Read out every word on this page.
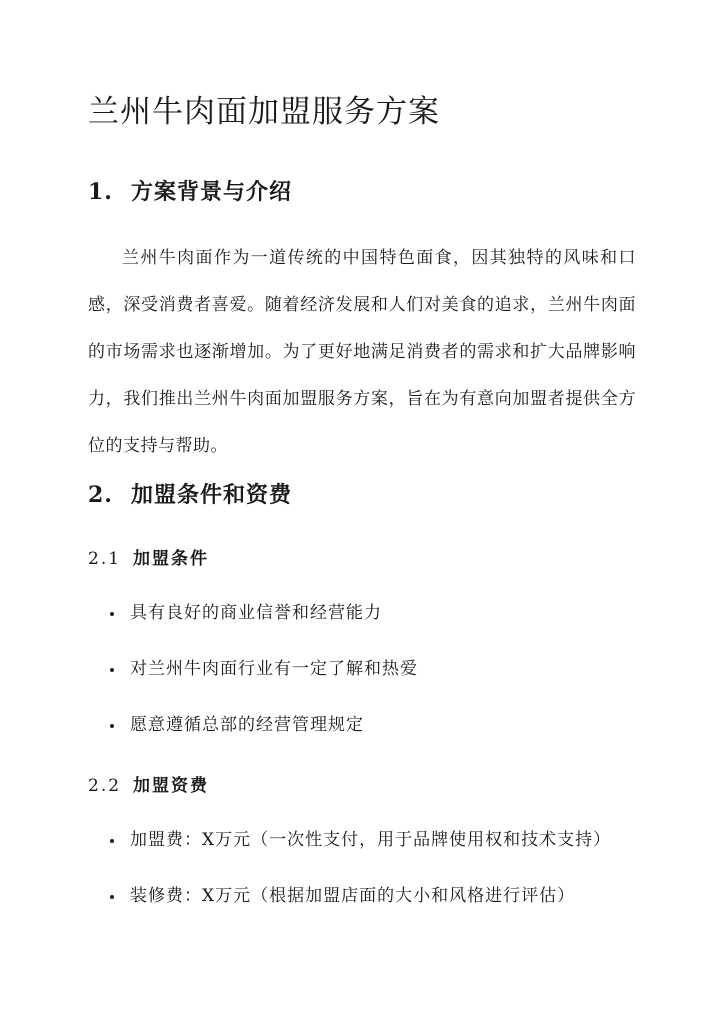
兰州牛肉面加盟服务方案
1. 方案背景与介绍

兰州牛肉面作为一道传统的中国特色面食，因其独特的风味和口感，深受消费者喜爱。随着经济发展和人们对美食的追求，兰州牛肉面的市场需求也逐渐增加。为了更好地满足消费者的需求和扩大品牌影响力，我们推出兰州牛肉面加盟服务方案，旨在为有意向加盟者提供全方位的支持与帮助。

2. 加盟条件和资费
2.1 加盟条件
具有良好的商业信誉和经营能力
对兰州牛肉面行业有一定了解和热爱
愿意遵循总部的经营管理规定
2.2 加盟资费
加盟费：X万元（一次性支付，用于品牌使用权和技术支持）
装修费：X万元（根据加盟店面的大小和风格进行评估）
